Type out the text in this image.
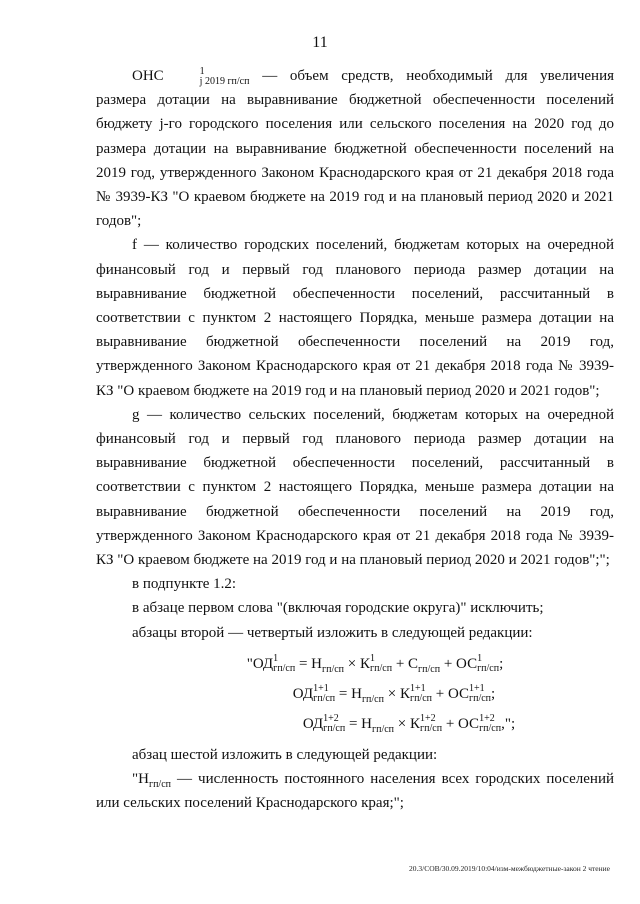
11

ОНС	1
j 2019 гп/сп — объем средств, необходимый для увеличения размера дотации на выравнивание бюджетной обеспеченности поселений бюджету j-го городского поселения или сельского поселения на 2020 год до размера дотации на выравнивание бюджетной обеспеченности поселений на 2019 год, утвержденного Законом Краснодарского края от 21 декабря 2018 года № 3939-КЗ "О краевом бюджете на 2019 год и на плановый период 2020 и 2021 годов";

f — количество городских поселений, бюджетам которых на очередной финансовый год и первый год планового периода размер дотации на выравнивание бюджетной обеспеченности поселений, рассчитанный в соответствии с пунктом 2 настоящего Порядка, меньше размера дотации на выравнивание бюджетной обеспеченности поселений на 2019 год, утвержденного Законом Краснодарского края от 21 декабря 2018 года № 3939-КЗ "О краевом бюджете на 2019 год и на плановый период 2020 и 2021 годов";

g — количество сельских поселений, бюджетам которых на очередной финансовый год и первый год планового периода размер дотации на выравнивание бюджетной обеспеченности поселений, рассчитанный в соответствии с пунктом 2 настоящего Порядка, меньше размера дотации на выравнивание бюджетной обеспеченности поселений на 2019 год, утвержденного Законом Краснодарского края от 21 декабря 2018 года № 3939-КЗ "О краевом бюджете на 2019 год и на плановый период 2020 и 2021 годов";";

в подпункте 1.2:

в абзаце первом слова "(включая городские округа)" исключить;

абзацы второй — четвертый изложить в следующей редакции:

"ОД 1
$гп/сп = Н_{гп/сп} \times К$ 1
$гп/сп + С_{гп/сп}$ + ОС 1
гп/сп ;

ОД 1+1
$гп/сп = Н_{гп/сп} \times К$ 1+1
гп/сп + ОС 1+1
гп/сп ;

ОД 1+2
$гп/сп = Н_{гп/сп} \times К$ 1+2
гп/сп + ОС 1+2
гп/сп ,";

абзац шестой изложить в следующей редакции:

"$Н_{гп/сп}$ — численность постоянного населения всех городских поселений или сельских поселений Краснодарского края;";

20.3/СОВ/30.09.2019/10:04/изм-межбюджетные-закон 2 чтение
